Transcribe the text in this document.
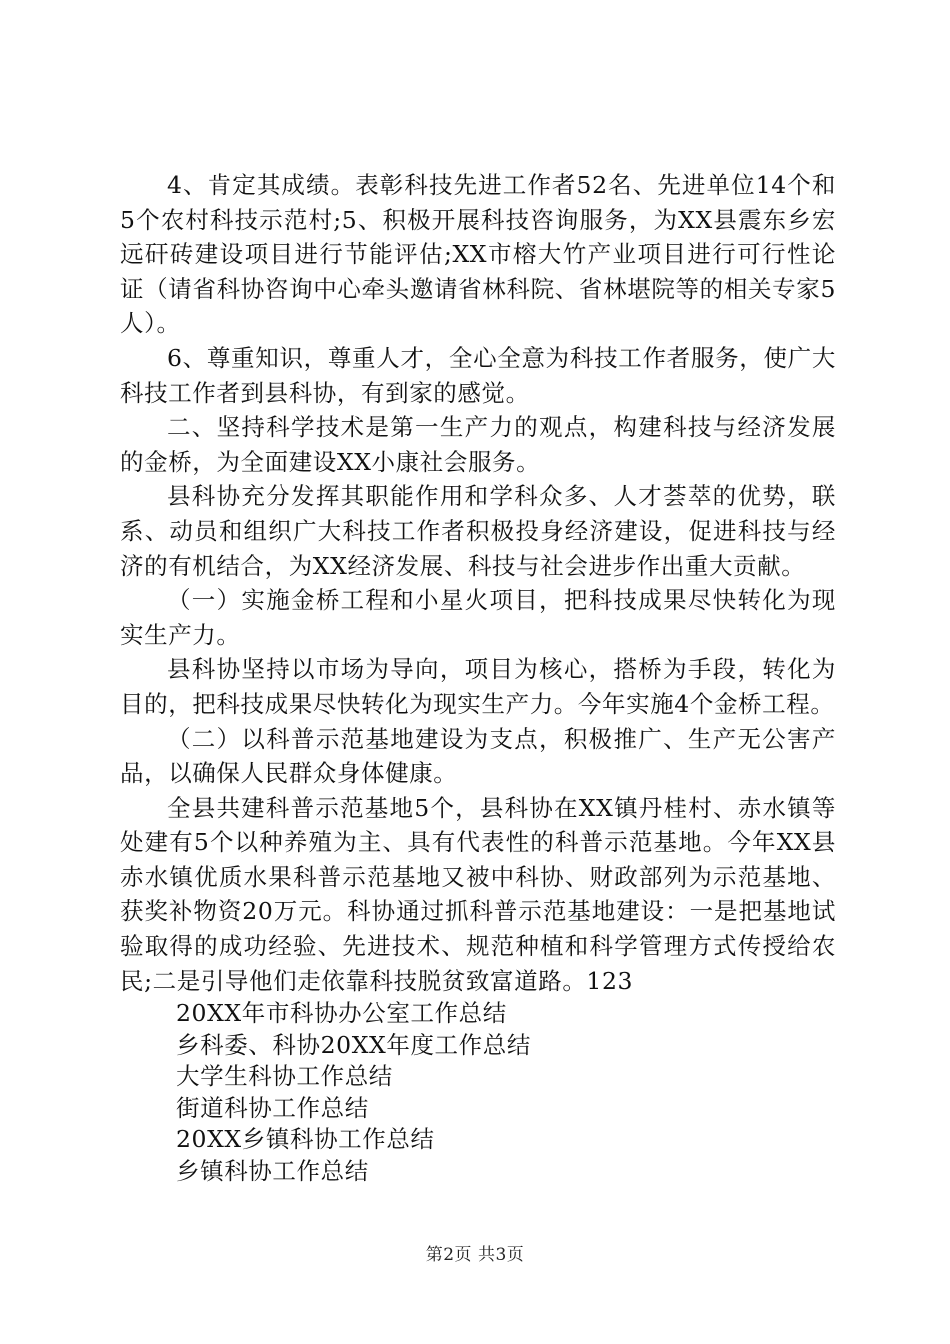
4、肯定其成绩。表彰科技先进工作者52名、先进单位14个和5个农村科技示范村;5、积极开展科技咨询服务，为XX县震东乡宏远矸砖建设项目进行节能评估;XX市榕大竹产业项目进行可行性论证（请省科协咨询中心牵头邀请省林科院、省林堪院等的相关专家5人）。

6、尊重知识，尊重人才，全心全意为科技工作者服务，使广大科技工作者到县科协，有到家的感觉。

二、坚持科学技术是第一生产力的观点，构建科技与经济发展的金桥，为全面建设XX小康社会服务。

县科协充分发挥其职能作用和学科众多、人才荟萃的优势，联系、动员和组织广大科技工作者积极投身经济建设，促进科技与经济的有机结合，为XX经济发展、科技与社会进步作出重大贡献。

（一）实施金桥工程和小星火项目，把科技成果尽快转化为现实生产力。

县科协坚持以市场为导向，项目为核心，搭桥为手段，转化为目的，把科技成果尽快转化为现实生产力。今年实施4个金桥工程。

（二）以科普示范基地建设为支点，积极推广、生产无公害产品，以确保人民群众身体健康。

全县共建科普示范基地5个，县科协在XX镇丹桂村、赤水镇等处建有5个以种养殖为主、具有代表性的科普示范基地。今年XX县赤水镇优质水果科普示范基地又被中科协、财政部列为示范基地、获奖补物资20万元。科协通过抓科普示范基地建设：一是把基地试验取得的成功经验、先进技术、规范种植和科学管理方式传授给农民;二是引导他们走依靠科技脱贫致富道路。123

20XX年市科协办公室工作总结

乡科委、科协20XX年度工作总结

大学生科协工作总结

街道科协工作总结

20XX乡镇科协工作总结

乡镇科协工作总结

第2页 共3页
